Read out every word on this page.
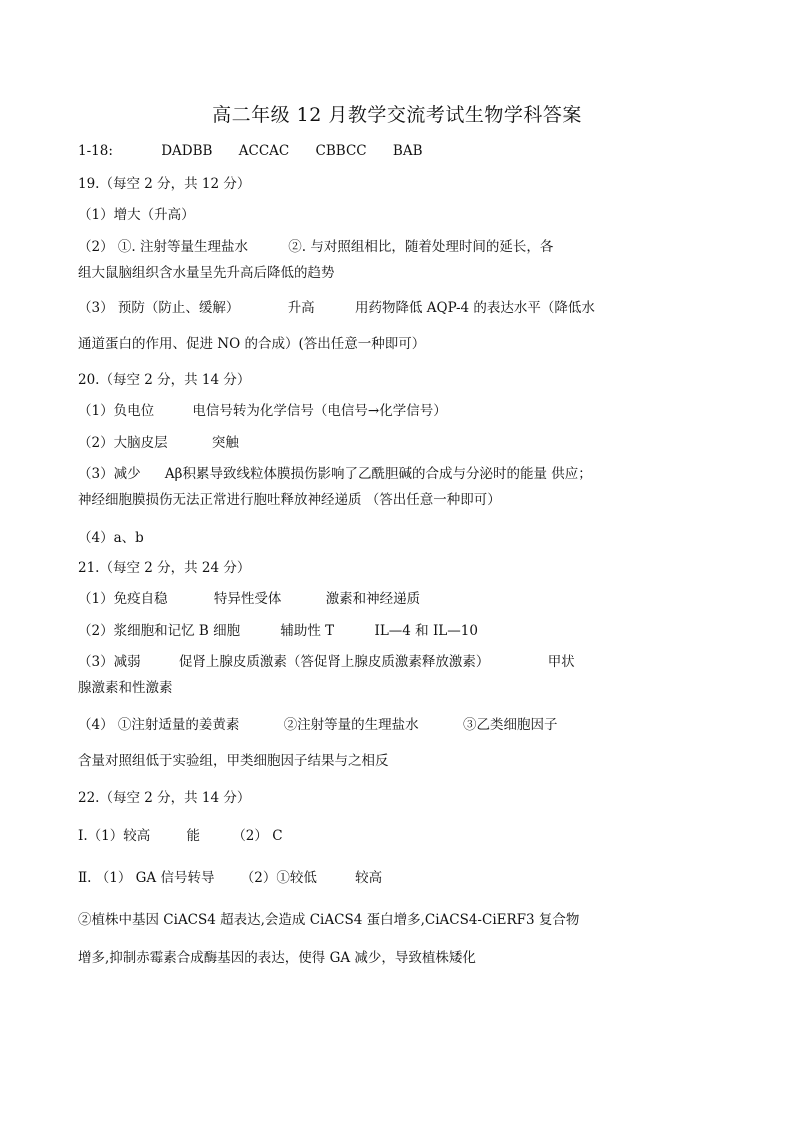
高二年级 12 月教学交流考试生物学科答案
1-18:	DADBB ACCAC CBBCC BAB
19.（每空 2 分，共 12 分）
（1）增大（升高）
（2） ①. 注射等量生理盐水	②. 与对照组相比，随着处理时间的延长，各
组大鼠脑组织含水量呈先升高后降低的趋势
（3） 预防（防止、缓解）	升高	用药物降低 AQP-4 的表达水平（降低水
通道蛋白的作用、促进 NO 的合成）(答出任意一种即可）
20.（每空 2 分，共 14 分）
（1）负电位	电信号转为化学信号（电信号→化学信号）
（2）大脑皮层	突触
（3）减少 Aβ积累导致线粒体膜损伤影响了乙酰胆碱的合成与分泌时的能量 供应；
神经细胞膜损伤无法正常进行胞吐释放神经递质 （答出任意一种即可）
（4）a、b
21.（每空 2 分，共 24 分）
（1）免疫自稳	特异性受体	激素和神经递质
（2）浆细胞和记忆 B 细胞	辅助性 T	IL—4 和 IL—10
（3）减弱	促肾上腺皮质激素（答促肾上腺皮质激素释放激素）	甲状
腺激素和性激素
（4） ①注射适量的姜黄素	②注射等量的生理盐水	③乙类细胞因子
含量对照组低于实验组，甲类细胞因子结果与之相反
22.（每空 2 分，共 14 分）
Ⅰ.（1）较高	能 （2） C
Ⅱ. （1） GA 信号转导 （2）①较低	较高
②植株中基因 CiACS4 超表达,会造成 CiACS4 蛋白增多,CiACS4-CiERF3 复合物
增多,抑制赤霉素合成酶基因的表达，使得 GA 减少，导致植株矮化
